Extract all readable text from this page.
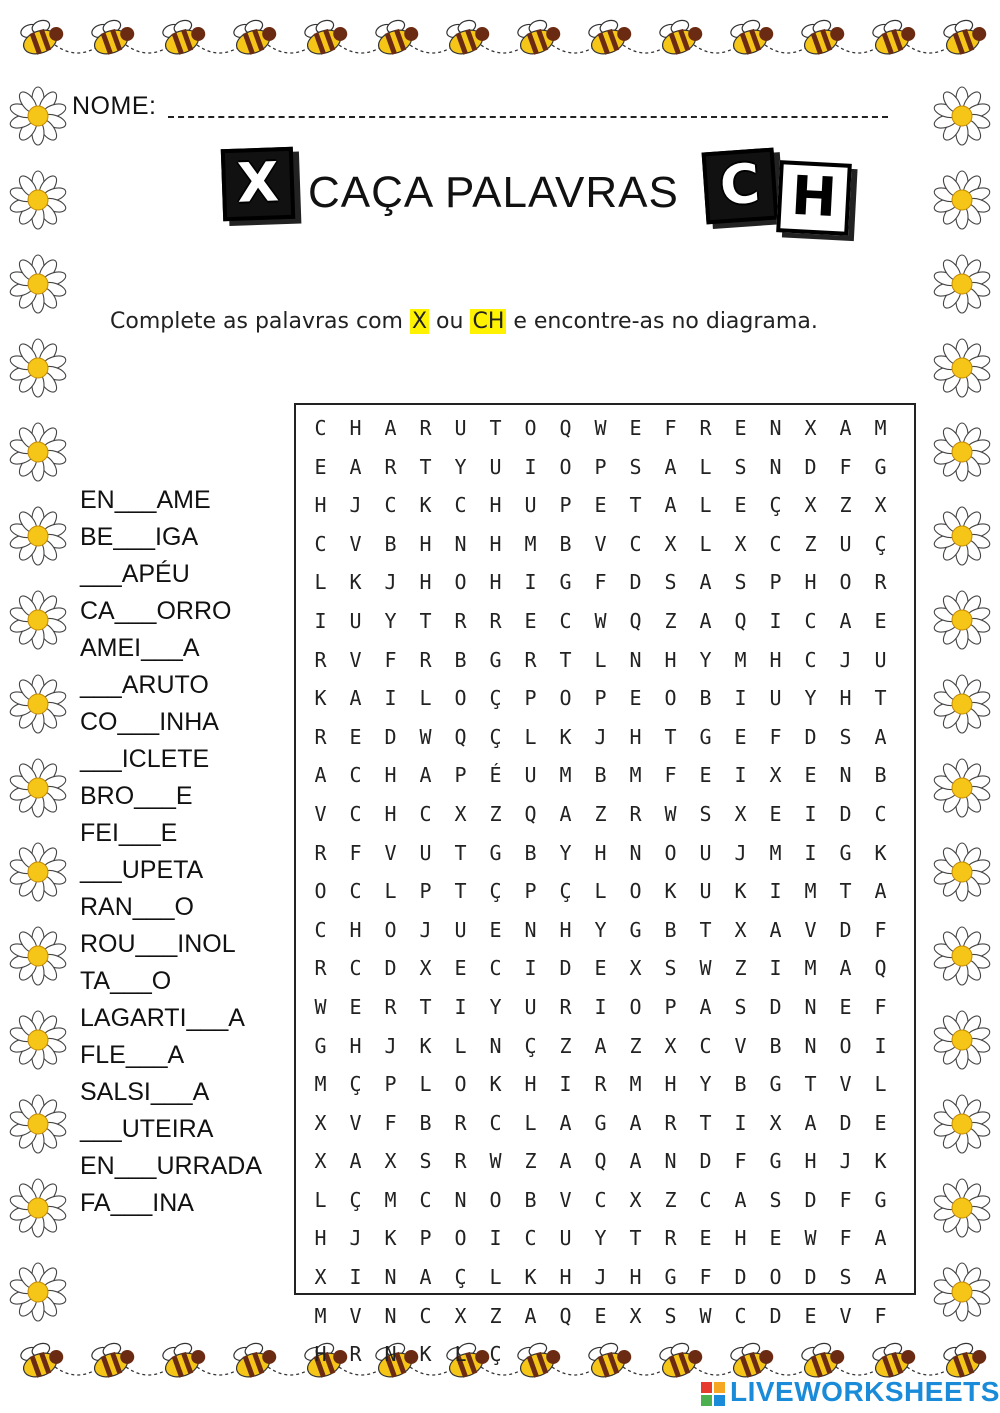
NOME:
X CAÇA PALAVRAS C H
Complete as palavras com X ou CH e encontre-as no diagrama.
EN___AME
BE___IGA
___APÉU
CA___ORRO
AMEI___A
___ARUTO
CO___INHA
___ICLETE
BRO___E
FEI___E
___UPETA
RAN___O
ROU___INOL
TA___O
LAGARTI___A
FLE___A
SALSI___A
___UTEIRA
EN___URRADA
FA___INA
C	H	A	R	U	T	O	Q	W	E	F	R	E	N	X	A	M
E	A	R	T	Y	U	I	O	P	S	A	L	S	N	D	F	G
H	J	C	K	C	H	U	P	E	T	A	L	E	Ç	X	Z	X
C	V	B	H	N	H	M	B	V	C	X	L	X	C	Z	U	Ç
L	K	J	H	O	H	I	G	F	D	S	A	S	P	H	O	R
I	U	Y	T	R	R	E	C	W	Q	Z	A	Q	I	C	A	E
R	V	F	R	B	G	R	T	L	N	H	Y	M	H	C	J	U
K	A	I	L	O	Ç	P	O	P	E	O	B	I	U	Y	H	T
R	E	D	W	Q	Ç	L	K	J	H	T	G	E	F	D	S	A
A	C	H	A	P	É	U	M	B	M	F	E	I	X	E	N	B
V	C	H	C	X	Z	Q	A	Z	R	W	S	X	E	I	D	C
R	F	V	U	T	G	B	Y	H	N	O	U	J	M	I	G	K
O	C	L	P	T	Ç	P	Ç	L	O	K	U	K	I	M	T	A
C	H	O	J	U	E	N	H	Y	G	B	T	X	A	V	D	F
R	C	D	X	E	C	I	D	E	X	S	W	Z	I	M	A	Q
W	E	R	T	I	Y	U	R	I	O	P	A	S	D	N	E	F
G	H	J	K	L	N	Ç	Z	A	Z	X	C	V	B	N	O	I
M	Ç	P	L	O	K	H	I	R	M	H	Y	B	G	T	V	L
X	V	F	B	R	C	L	A	G	A	R	T	I	X	A	D	E
X	A	X	S	R	W	Z	A	Q	A	N	D	F	G	H	J	K
L	Ç	M	C	N	O	B	V	C	X	Z	C	A	S	D	F	G
H	J	K	P	O	I	C	U	Y	T	R	E	H	E	W	F	A
X	I	N	A	Ç	L	K	H	J	H	G	F	D	O	D	S	A
M	V	N	C	X	Z	A	Q	E	X	S	W	C	D	E	V	F
H	R	N	K	L	Ç
LIVEWORKSHEETS
